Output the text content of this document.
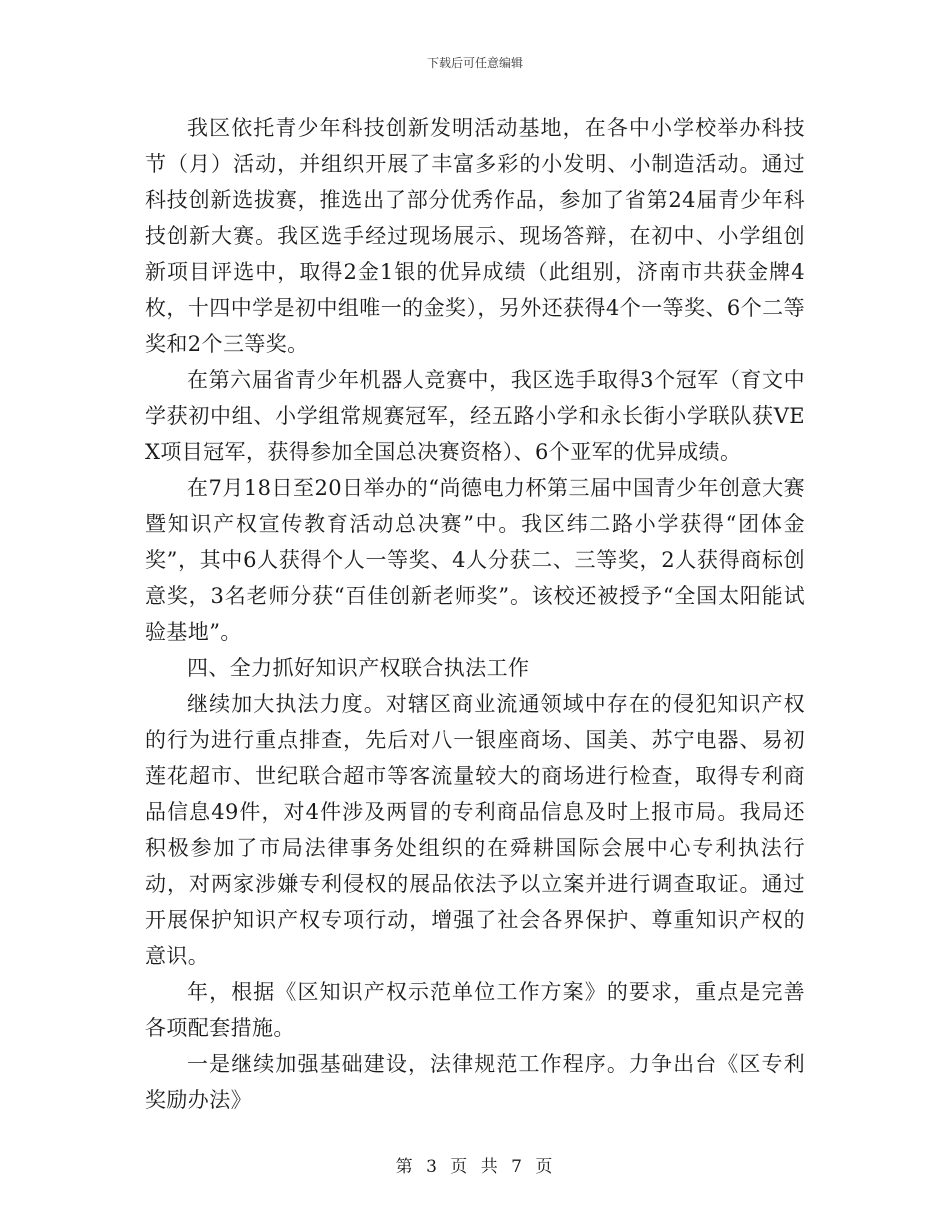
下载后可任意编辑

我区依托青少年科技创新发明活动基地，在各中小学校举办科技节（月）活动，并组织开展了丰富多彩的小发明、小制造活动。通过科技创新选拔赛，推选出了部分优秀作品，参加了省第24届青少年科技创新大赛。我区选手经过现场展示、现场答辩，在初中、小学组创新项目评选中，取得2金1银的优异成绩（此组别，济南市共获金牌4枚，十四中学是初中组唯一的金奖），另外还获得4个一等奖、6个二等奖和2个三等奖。

在第六届省青少年机器人竞赛中，我区选手取得3个冠军（育文中学获初中组、小学组常规赛冠军，经五路小学和永长街小学联队获VEX项目冠军，获得参加全国总决赛资格）、6个亚军的优异成绩。

在7月18日至20日举办的“尚德电力杯第三届中国青少年创意大赛暨知识产权宣传教育活动总决赛”中。我区纬二路小学获得“团体金奖”，其中6人获得个人一等奖、4人分获二、三等奖，2人获得商标创意奖，3名老师分获“百佳创新老师奖”。该校还被授予“全国太阳能试验基地”。

四、全力抓好知识产权联合执法工作

继续加大执法力度。对辖区商业流通领域中存在的侵犯知识产权的行为进行重点排查，先后对八一银座商场、国美、苏宁电器、易初莲花超市、世纪联合超市等客流量较大的商场进行检查，取得专利商品信息49件，对4件涉及两冒的专利商品信息及时上报市局。我局还积极参加了市局法律事务处组织的在舜耕国际会展中心专利执法行动，对两家涉嫌专利侵权的展品依法予以立案并进行调查取证。通过开展保护知识产权专项行动，增强了社会各界保护、尊重知识产权的意识。

年，根据《区知识产权示范单位工作方案》的要求，重点是完善各项配套措施。

一是继续加强基础建设，法律规范工作程序。力争出台《区专利奖励办法》

第 3 页 共 7 页
